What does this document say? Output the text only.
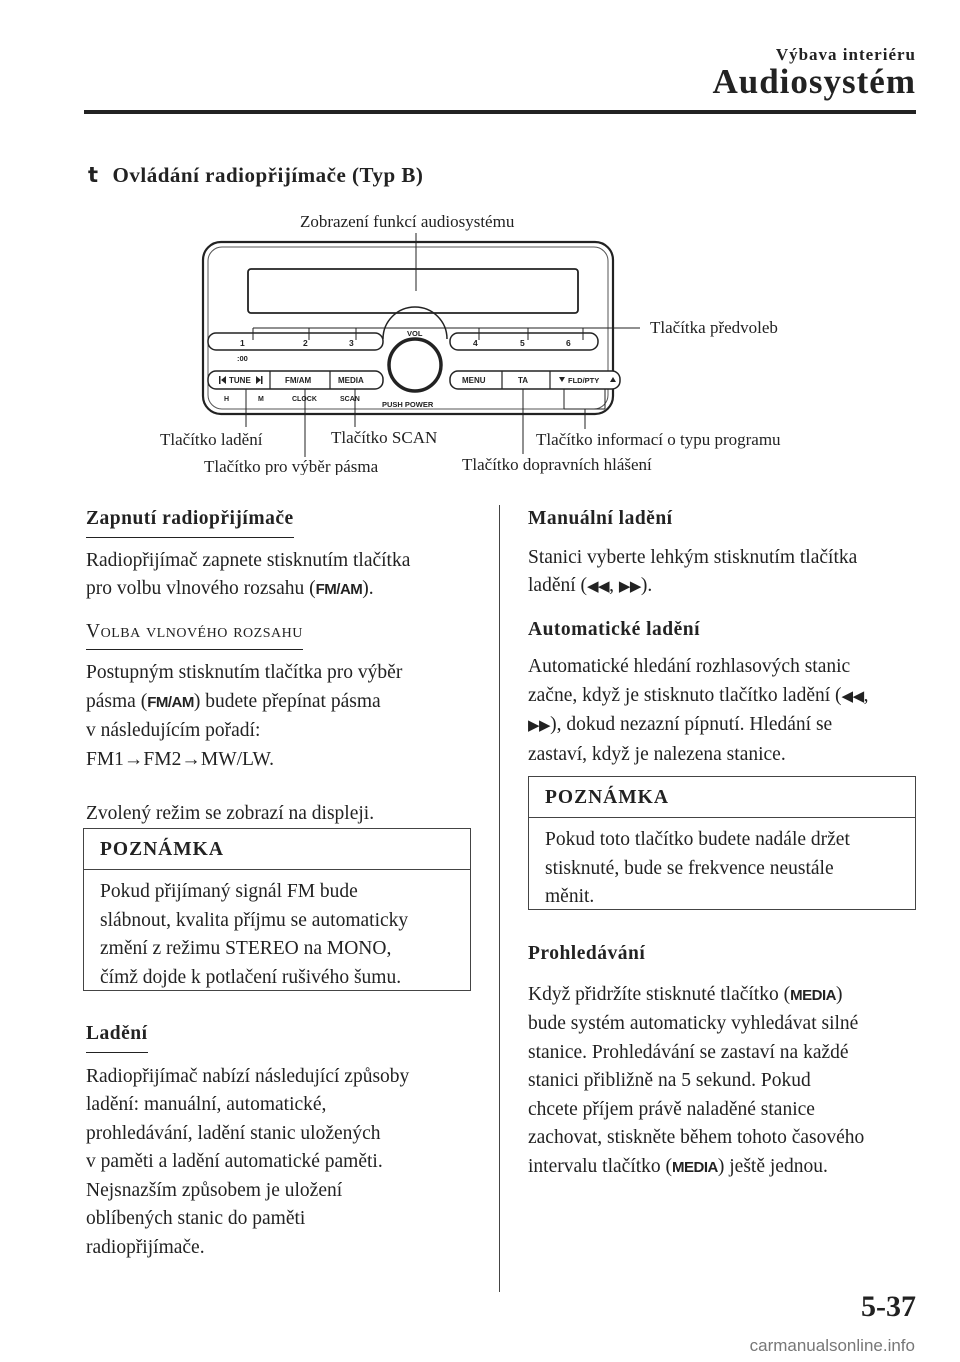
Výbava interiéru
Audiosystém
t Ovládání radiopřijímače (Typ B)
Zobrazení funkcí audiosystému
Tlačítka předvoleb
Tlačítko ladění	Tlačítko SCAN	Tlačítko informací o typu programu
Tlačítko pro výběr pásma	Tlačítko dopravních hlášení
1	2	3	4	5	6
:00
VOL
TUNE	FM/AM	MEDIA	MENU	TA	FLD/PTY
H	M	CLOCK	SCAN
PUSH POWER
Zapnutí radiopřijímače

Radiopřijímač zapnete stisknutím tlačítka
pro volbu vlnového rozsahu (FM/AM).

Volba vlnového rozsahu

Postupným stisknutím tlačítka pro výběr
pásma (FM/AM) budete přepínat pásma
v následujícím pořadí:
FM1→FM2→MW/LW.

Zvolený režim se zobrazí na displeji.

POZNÁMKA
Pokud přijímaný signál FM bude
slábnout, kvalita příjmu se automaticky
změní z režimu STEREO na MONO,
čímž dojde k potlačení rušivého šumu.
Ladění

Radiopřijímač nabízí následující způsoby
ladění: manuální, automatické,
prohledávání, ladění stanic uložených
v paměti a ladění automatické paměti.
Nejsnazším způsobem je uložení
oblíbených stanic do paměti
radiopřijímače.

Manuální ladění

Stanici vyberte lehkým stisknutím tlačítka
ladění (◀◀, ▶▶).

Automatické ladění

Automatické hledání rozhlasových stanic
začne, když je stisknuto tlačítko ladění (◀◀,
▶▶), dokud nezazní pípnutí. Hledání se
zastaví, když je nalezena stanice.

POZNÁMKA
Pokud toto tlačítko budete nadále držet
stisknuté, bude se frekvence neustále
měnit.
Prohledávání

Když přidržíte stisknuté tlačítko (MEDIA)
bude systém automaticky vyhledávat silné
stanice. Prohledávání se zastaví na každé
stanici přibližně na 5 sekund. Pokud
chcete příjem právě naladěné stanice
zachovat, stiskněte během tohoto časového
intervalu tlačítko (MEDIA) ještě jednou.

5-37
carmanualsonline.info
